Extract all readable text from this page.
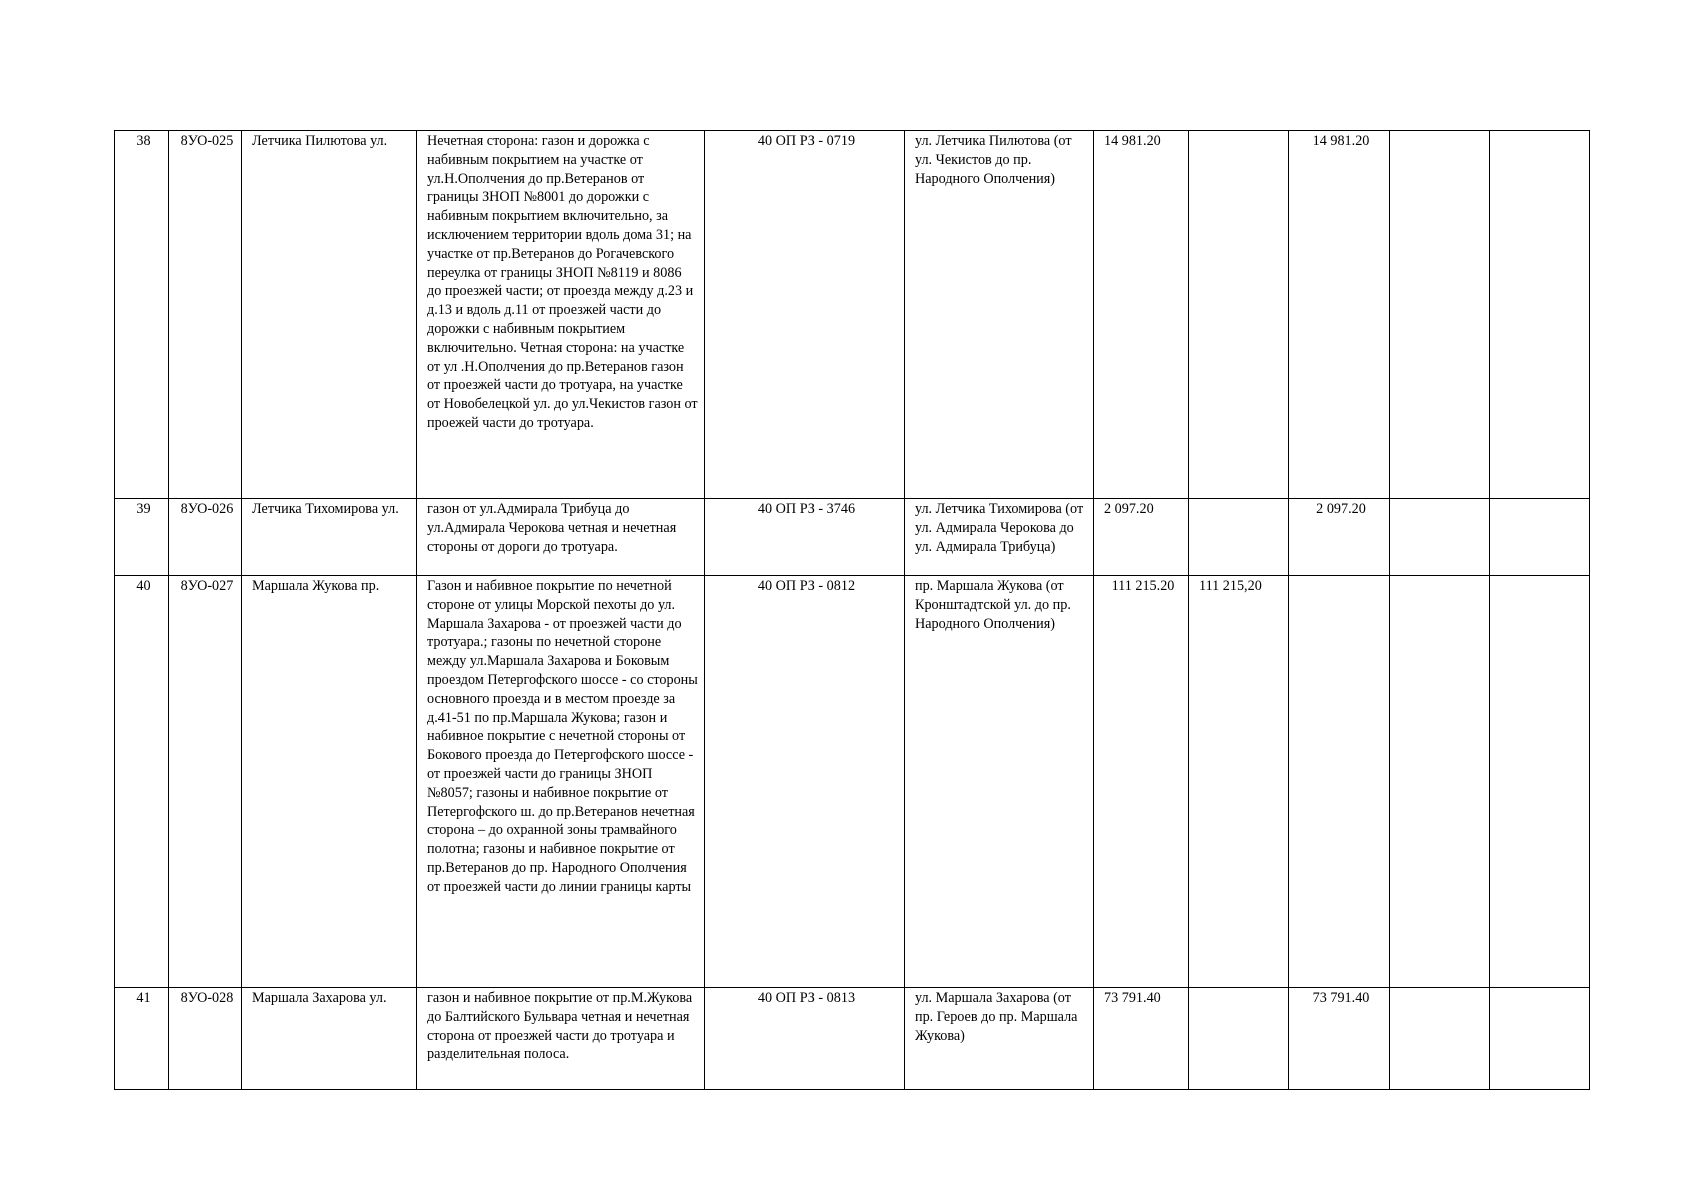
38	8УО-025	Летчика Пилютова ул.	Нечетная сторона: газон и дорожка с набивным покрытием на участке от ул.Н.Ополчения до пр.Ветеранов от границы ЗНОП №8001 до дорожки с набивным покрытием включительно, за исключением территории вдоль дома 31; на участке от пр.Ветеранов до Рогачевского переулка от границы ЗНОП №8119 и 8086 до проезжей части; от проезда между д.23 и д.13 и вдоль д.11 от проезжей части до дорожки с набивным покрытием включительно. Четная сторона: на участке от ул .Н.Ополчения до пр.Ветеранов газон от проезжей части до тротуара, на участке от Новобелецкой ул. до ул.Чекистов газон от проежей части до тротуара.	40 ОП РЗ - 0719	ул. Летчика Пилютова (от ул. Чекистов до пр. Народного Ополчения)	14 981.20		14 981.20		
39	8УО-026	Летчика Тихомирова ул.	газон от ул.Адмирала Трибуца до ул.Адмирала Черокова четная и нечетная стороны от дороги до тротуара.	40 ОП РЗ - 3746	ул. Летчика Тихомирова (от ул. Адмирала Черокова до ул. Адмирала Трибуца)	2 097.20		2 097.20		
40	8УО-027	Маршала Жукова пр.	Газон и набивное покрытие по нечетной стороне от улицы Морской пехоты до ул. Маршала Захарова - от проезжей части до тротуара.; газоны по нечетной стороне между ул.Маршала Захарова и Боковым проездом Петергофского шоссе - со стороны основного проезда и в местом проезде за д.41-51 по пр.Маршала Жукова; газон и набивное покрытие с нечетной стороны от Бокового проезда до Петергофского шоссе - от проезжей части до границы ЗНОП №8057; газоны и набивное покрытие от Петергофского ш. до пр.Ветеранов нечетная сторона – до охранной зоны трамвайного полотна; газоны и набивное покрытие от пр.Ветеранов до пр. Народного Ополчения от проезжей части до линии границы карты	40 ОП РЗ - 0812	пр. Маршала Жукова (от Кронштадтской ул. до пр. Народного Ополчения)	111 215.20	111 215,20			
41	8УО-028	Маршала Захарова ул.	газон и набивное покрытие от пр.М.Жукова до Балтийского Бульвара четная и нечетная сторона от проезжей части до тротуара и разделительная полоса.	40 ОП РЗ - 0813	ул. Маршала Захарова (от пр. Героев до пр. Маршала Жукова)	73 791.40		73 791.40		
